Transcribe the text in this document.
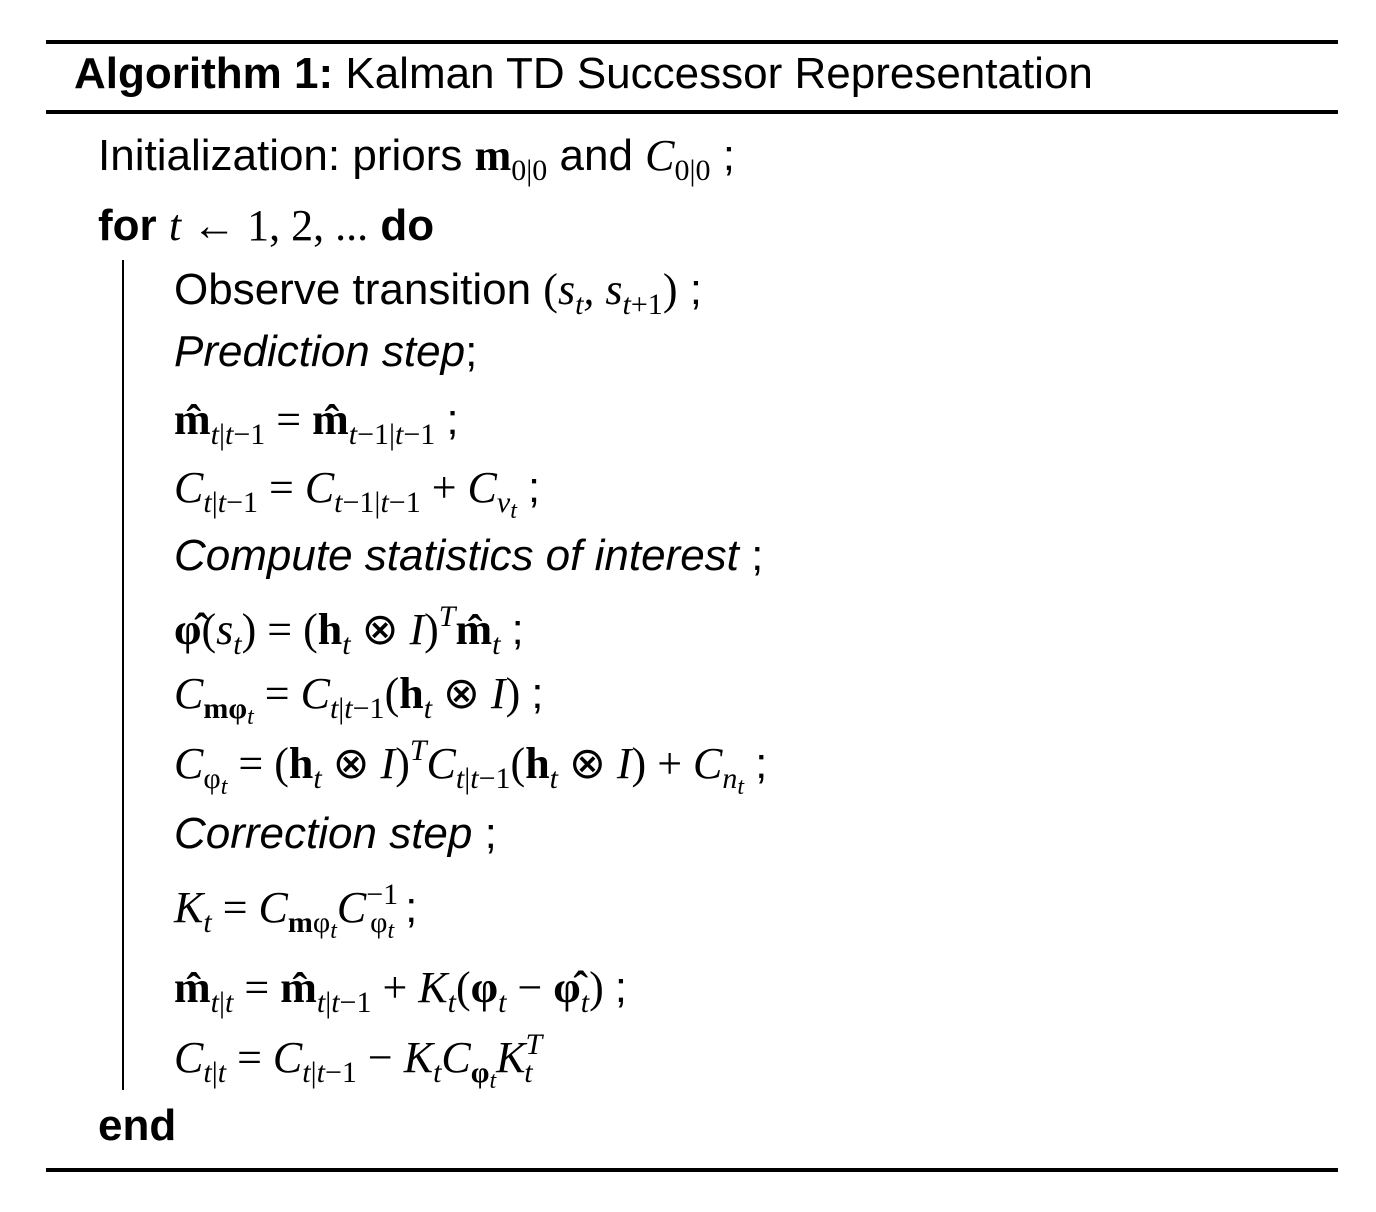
Algorithm 1: Kalman TD Successor Representation
Initialization: priors $m_{0|0}$ and $C_{0|0}$ ;
for t ← 1, 2, ... do
Observe transition ($s_t$, $s_{t+1}$) ;
Prediction step;
$m̂_{t|t-1}$ = $m̂_{t-1|t-1}$ ;
$C_{t|t-1} = C_{t-1|t-1} + C_{v_t}$ ;
Compute statistics of interest ;
$\varphî(s_t) = (h_t$ ⊗ $I)^Tm̂_t$ ;
$C_{m\varphi_t} = C_{t|t-1}(h_t$ ⊗ I) ;
$C_{\varphi_t} = (h_t$ ⊗ $I)^TC_{t|t-1}(h_t$ ⊗ $I) + C_{n_t}$ ;
Correction step ;
$K_t = C_{m\varphi_t}C^{-1}_{\varphi_t}$ ;
$m̂_{t|t}$ = $m̂_{t|t-1} + K_t(\varphi_t$ − $\varphî_t$) ;
$C_{t|t} = C_{t|t-1} - K_tC_{\varphi_t}K^T_t$
end
